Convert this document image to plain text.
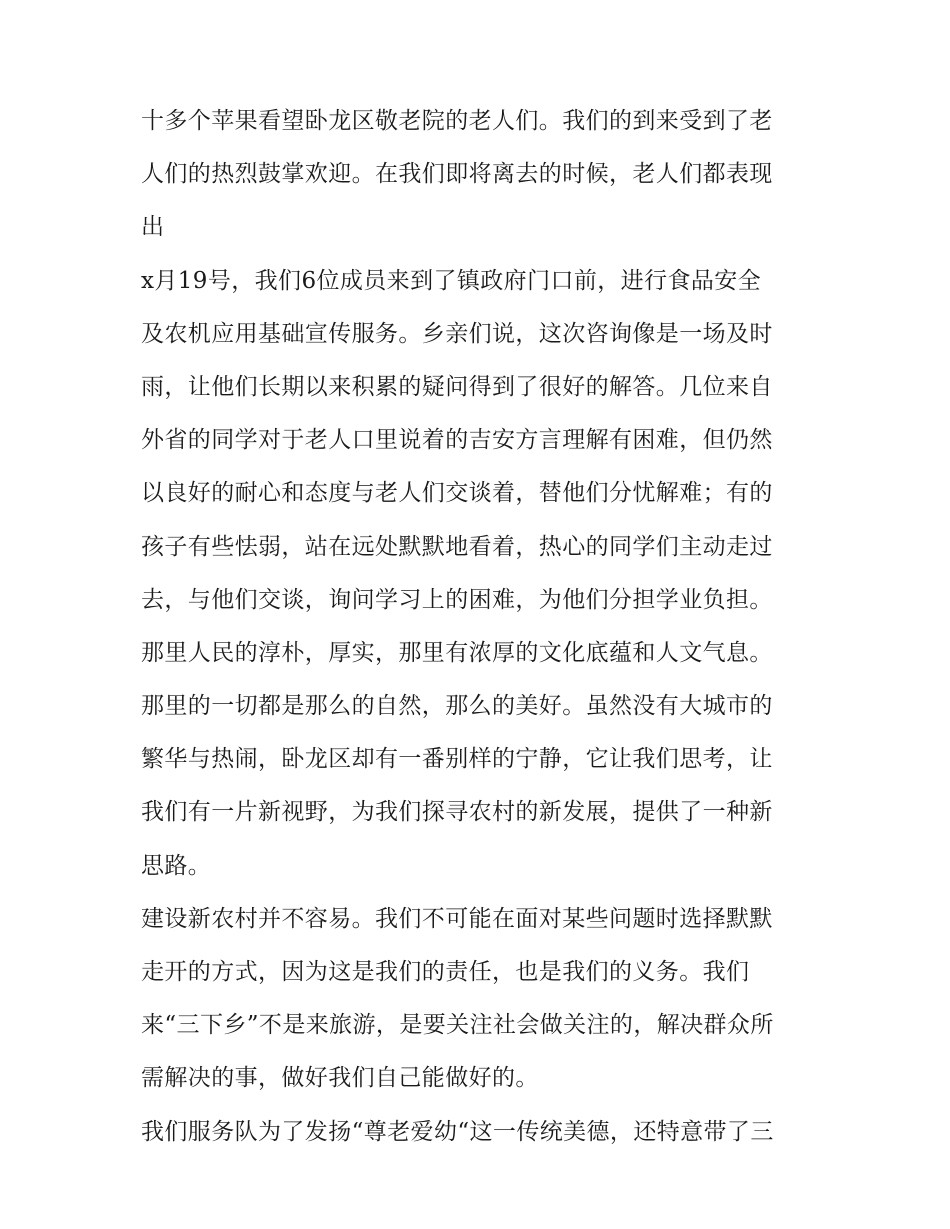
十多个苹果看望卧龙区敬老院的老人们。我们的到来受到了老
人们的热烈鼓掌欢迎。在我们即将离去的时候，老人们都表现
出
x月19号，我们6位成员来到了镇政府门口前，进行食品安全
及农机应用基础宣传服务。乡亲们说，这次咨询像是一场及时
雨，让他们长期以来积累的疑问得到了很好的解答。几位来自
外省的同学对于老人口里说着的吉安方言理解有困难，但仍然
以良好的耐心和态度与老人们交谈着，替他们分忧解难；有的
孩子有些怯弱，站在远处默默地看着，热心的同学们主动走过
去，与他们交谈，询问学习上的困难，为他们分担学业负担。
那里人民的淳朴，厚实，那里有浓厚的文化底蕴和人文气息。
那里的一切都是那么的自然，那么的美好。虽然没有大城市的
繁华与热闹，卧龙区却有一番别样的宁静，它让我们思考，让
我们有一片新视野，为我们探寻农村的新发展，提供了一种新
思路。
建设新农村并不容易。我们不可能在面对某些问题时选择默默
走开的方式，因为这是我们的责任，也是我们的义务。我们
来“三下乡”不是来旅游，是要关注社会做关注的，解决群众所
需解决的事，做好我们自己能做好的。
我们服务队为了发扬“尊老爱幼“这一传统美德，还特意带了三
